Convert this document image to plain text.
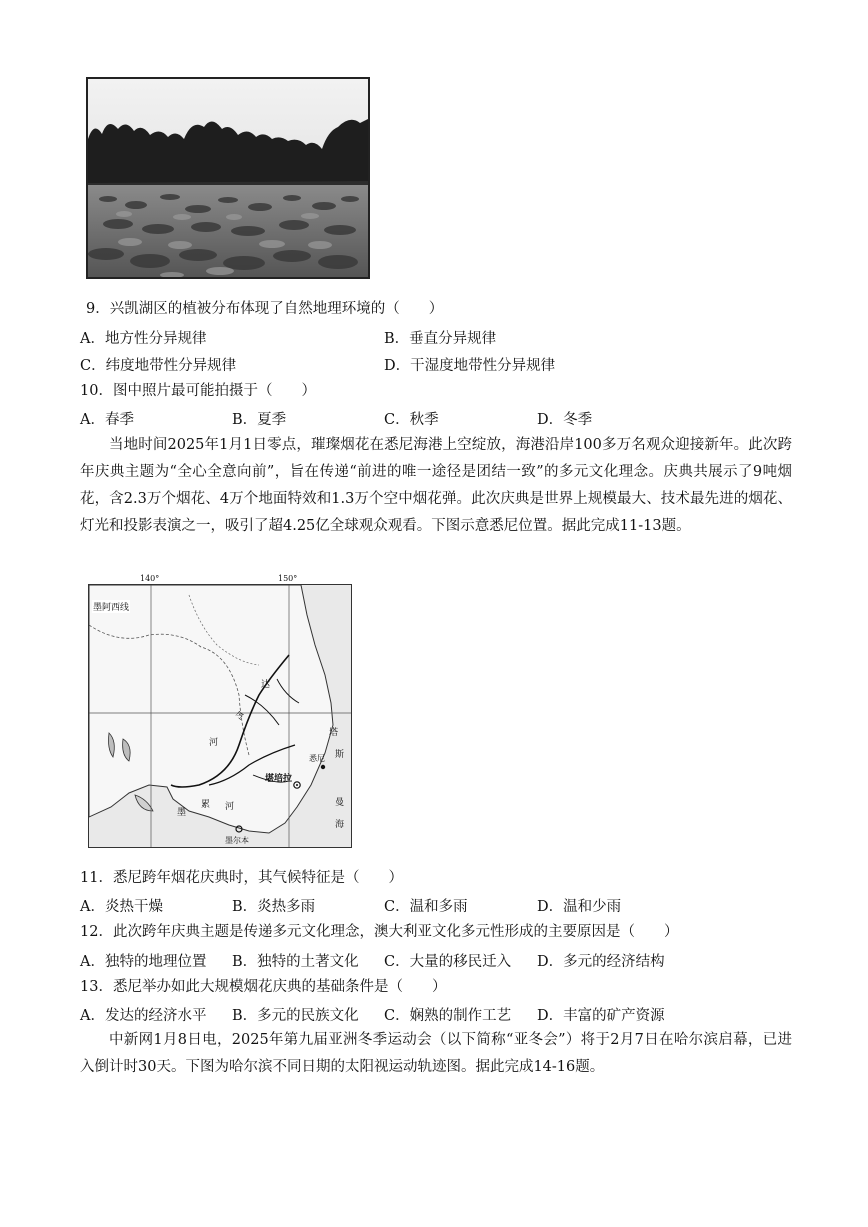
9．兴凯湖区的植被分布体现了自然地理环境的（　　）
A．地方性分异规律	B．垂直分异规律
C．纬度地带性分异规律	D．干湿度地带性分异规律
10．图中照片最可能拍摄于（　　）
A．春季	B．夏季	C．秋季	D．冬季
当地时间2025年1月1日零点，璀璨烟花在悉尼海港上空绽放，海港沿岸100多万名观众迎接新年。此次跨年庆典主题为“全心全意向前”，旨在传递“前进的唯一途径是团结一致”的多元文化理念。庆典共展示了9吨烟花，含2.3万个烟花、4万个地面特效和1.3万个空中烟花弹。此次庆典是世界上规模最大、技术最先进的烟花、灯光和投影表演之一，吸引了超4.25亿全球观众观看。下图示意悉尼位置。据此完成11-13题。
140°	150°
墨阿西线
达
令
河
墨
累 河
堪培拉
墨尔本
悉尼
塔
斯
曼
海
11．悉尼跨年烟花庆典时，其气候特征是（　　）
A．炎热干燥	B．炎热多雨	C．温和多雨	D．温和少雨
12．此次跨年庆典主题是传递多元文化理念，澳大利亚文化多元性形成的主要原因是（　　）
A．独特的地理位置 B．独特的土著文化 C．大量的移民迁入 D．多元的经济结构
13．悉尼举办如此大规模烟花庆典的基础条件是（　　）
A．发达的经济水平 B．多元的民族文化 C．娴熟的制作工艺 D．丰富的矿产资源
中新网1月8日电，2025年第九届亚洲冬季运动会（以下简称“亚冬会”）将于2月7日在哈尔滨启幕，已进入倒计时30天。下图为哈尔滨不同日期的太阳视运动轨迹图。据此完成14-16题。
